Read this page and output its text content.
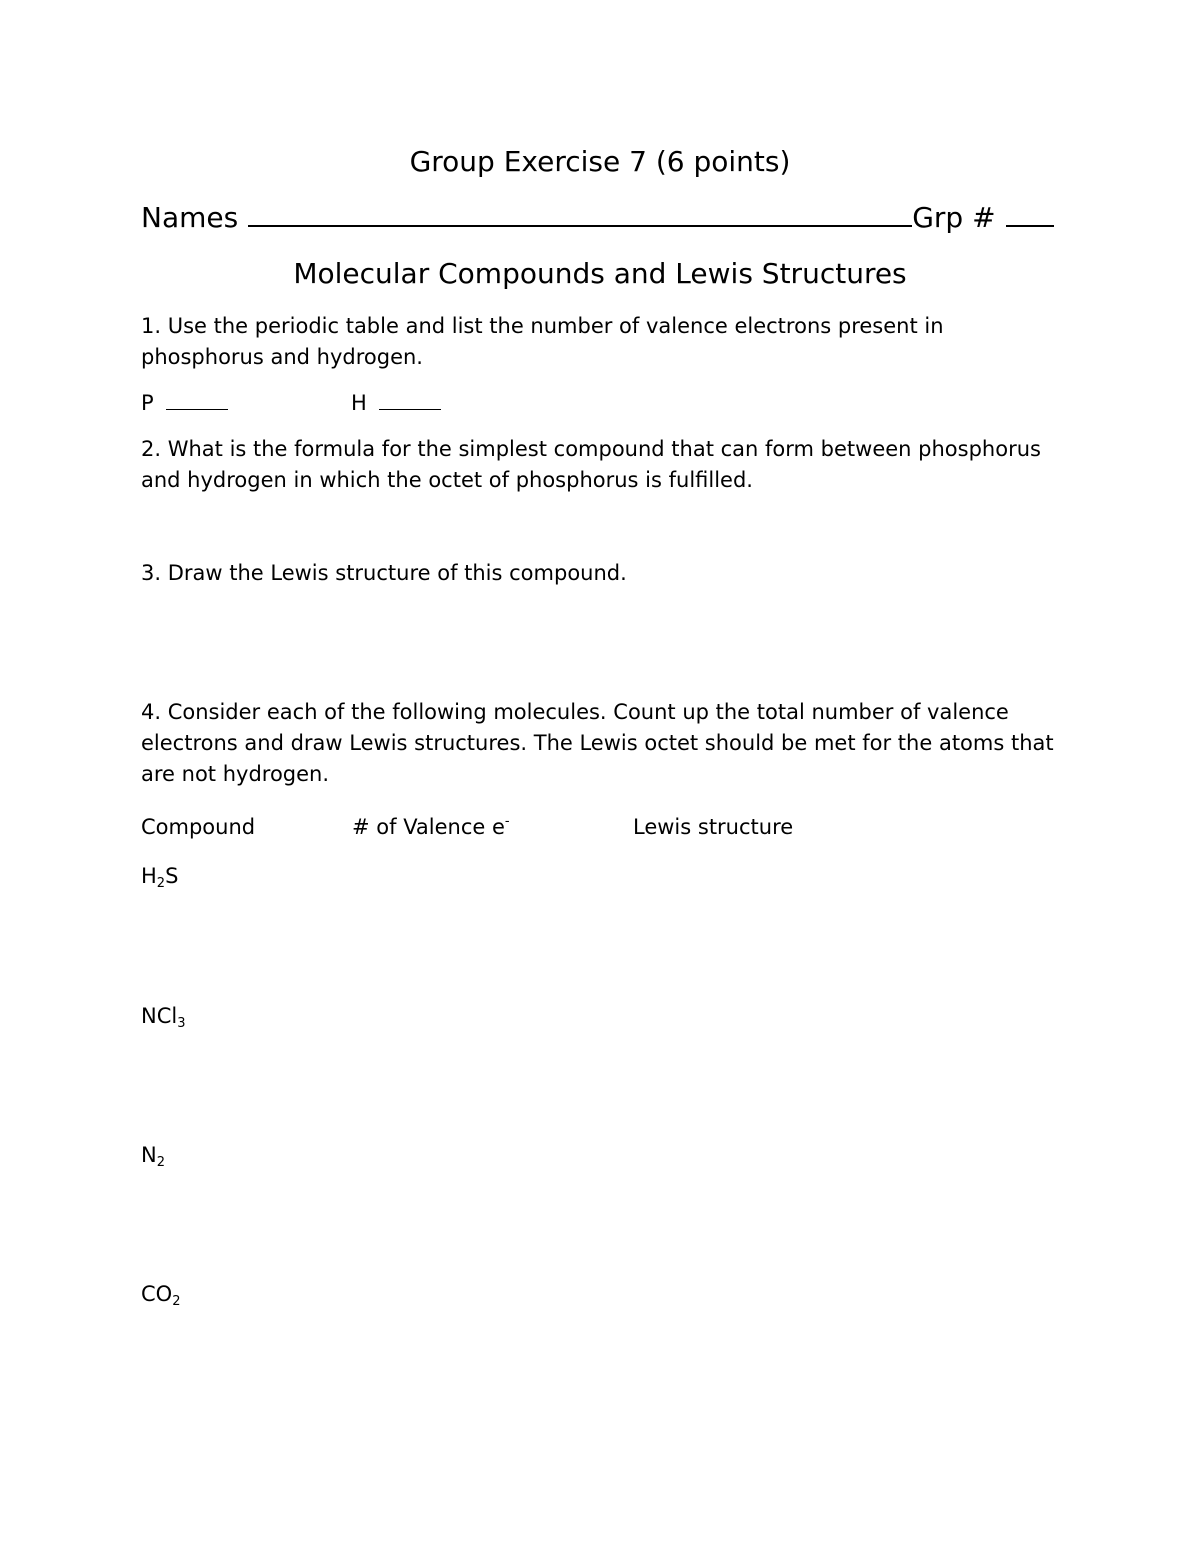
Group Exercise 7 (6 points)
Names	Grp #
Molecular Compounds and Lewis Structures
1. Use the periodic table and list the number of valence electrons present in phosphorus and hydrogen.
P	H
2. What is the formula for the simplest compound that can form between phosphorus and hydrogen in which the octet of phosphorus is fulfilled.
3. Draw the Lewis structure of this compound.
4. Consider each of the following molecules. Count up the total number of valence electrons and draw Lewis structures. The Lewis octet should be met for the atoms that are not hydrogen.
Compound	# of Valence e-	Lewis structure
$H_2S$
NCl$_3$
$N_2$
$CO_2$
